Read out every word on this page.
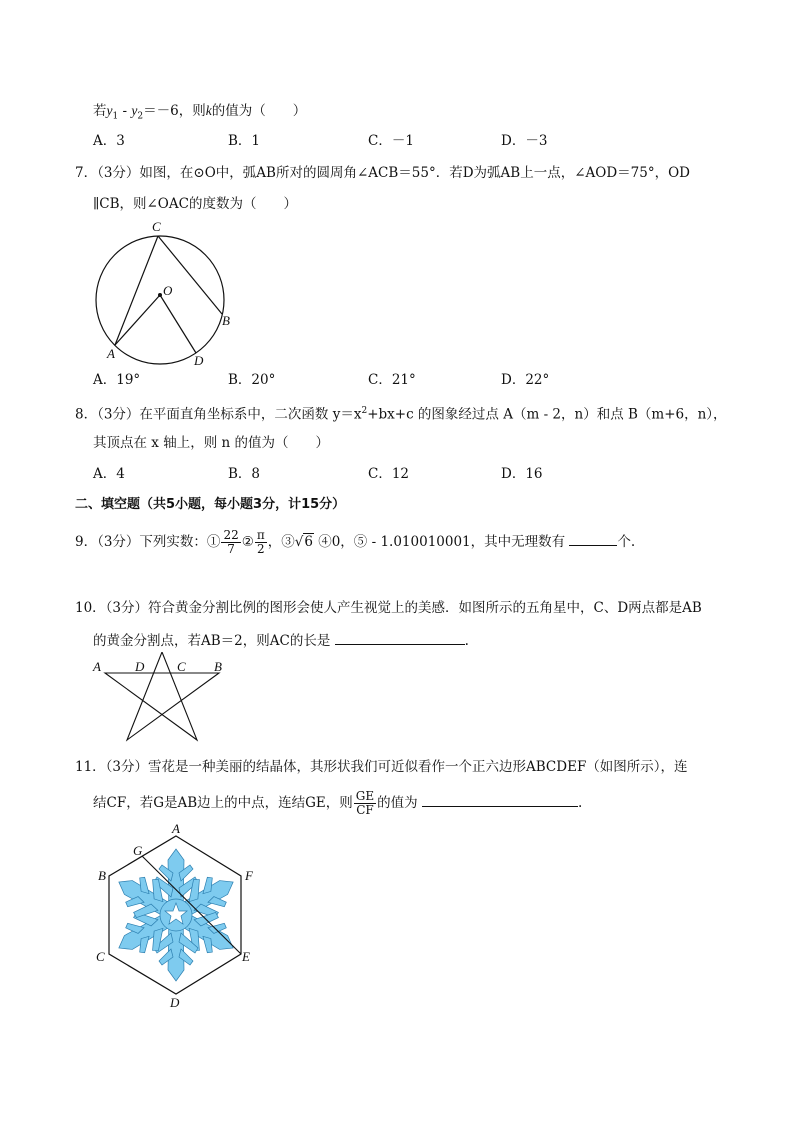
若$y_1 - y_2=-6$，则k的值为（　　）
A．3	B．1	C．－1	D．－3
7．（3分）如图，在⊙O中，弧AB所对的圆周角∠ACB＝55°．若D为弧AB上一点，∠AOD＝75°，OD
∥CB，则∠OAC的度数为（　　）
C
O
B
A	D
A．19°	B．20°	C．21°	D．22°
8．（3分）在平面直角坐标系中，二次函数 $y=x^2+bx+c$ 的图象经过点 A（m - 2，n）和点 B（m+6，n），
其顶点在 x 轴上，则 n 的值为（　　）
A．4	B．8	C．12	D．16
二、填空题（共5小题，每小题3分，计15分）
9．（3分）下列实数：① $\frac{22}{7}$ ② $\frac{\pi}{2}$ ，③√6 ④0，⑤ - 1.010010001，其中无理数有	个.
10．（3分）符合黄金分割比例的图形会使人产生视觉上的美感．如图所示的五角星中，C、D两点都是AB
的黄金分割点，若AB＝2，则AC的长是	.
A	D	C B
11．（3分）雪花是一种美丽的结晶体，其形状我们可近似看作一个正六边形ABCDEF（如图所示），连
结CF，若G是AB边上的中点，连结GE，则 $\frac{GE}{CF}$ 的值为	.
A
G
B	F
C	E
D
